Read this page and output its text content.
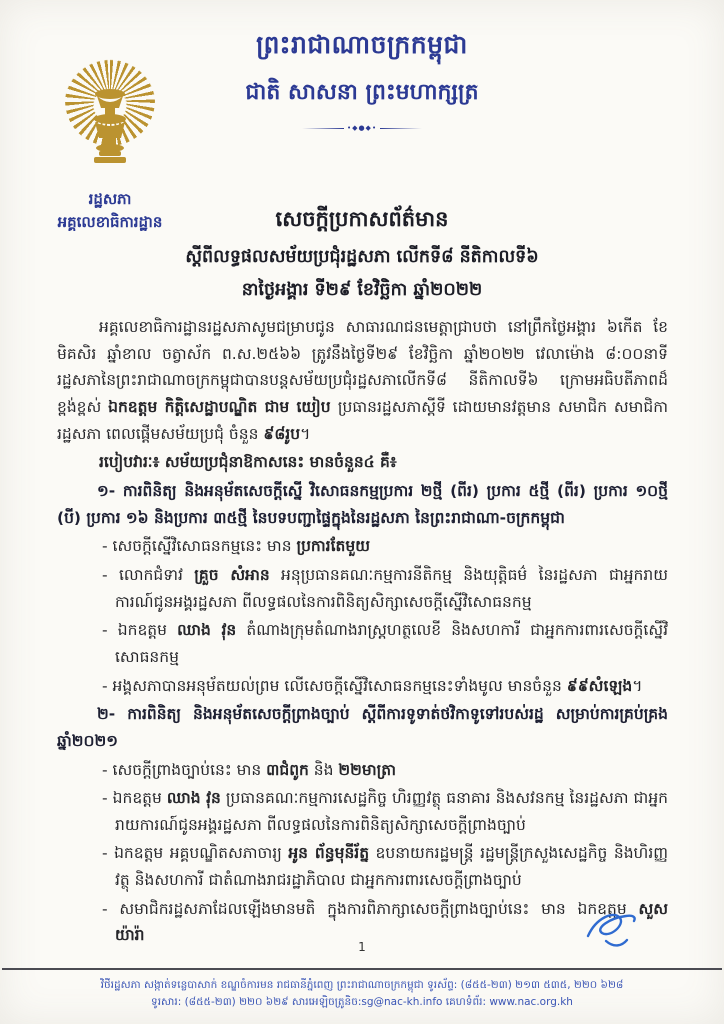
ព្រះរាជាណាចក្រកម្ពុជា
ជាតិ សាសនា ព្រះមហាក្សត្រ
•◆●◆•
រដ្ឋសភា
អគ្គលេខាធិការដ្ឋាន	សេចក្តីប្រកាសព័ត៌មាន
ស្តីពីលទ្ធផលសម័យប្រជុំរដ្ឋសភា លើកទី៨ នីតិកាលទី៦
នាថ្ងៃអង្គារ ទី២៩ ខែវិច្ឆិកា ឆ្នាំ២០២២

អគ្គលេខាធិការដ្ឋានរដ្ឋសភាសូមជម្រាបជូន សាធារណជនមេត្តាជ្រាបថា នៅព្រឹកថ្ងៃអង្គារ ៦កើត ខែមិគសិរ ឆ្នាំខាល ចត្វាស័ក ព.ស.២៥៦៦ ត្រូវនឹងថ្ងៃទី២៩ ខែវិច្ឆិកា ឆ្នាំ២០២២ វេលាម៉ោង ៨:០០នាទី រដ្ឋសភានៃព្រះរាជាណាចក្រកម្ពុជាបានបន្តសម័យប្រជុំរដ្ឋសភាលើកទី៨ នីតិកាលទី៦ ក្រោមអធិបតីភាពដ៏ខ្ពង់ខ្ពស់ ឯកឧត្តម កិត្តិសេដ្ឋាបណ្ឌិត ជាម យៀប ប្រធានរដ្ឋសភាស្តីទី ដោយមានវត្តមាន សមាជិក សមាជិការដ្ឋសភា ពេលផ្តើមសម័យប្រជុំ ចំនួន ៩៨រូប។

របៀបវារៈ៖ សម័យប្រជុំនាឱកាសនេះ មានចំនួន៤ គឺ៖

១- ការពិនិត្យ និងអនុម័តសេចក្តីស្នើ វិសោធនកម្មប្រការ ២ថ្មី (ពីរ) ប្រការ ៥ថ្មី (ពីរ) ប្រការ ១០ថ្មី (បី) ប្រការ ១៦ និងប្រការ ៣៥ថ្មី នៃបទបញ្ជាផ្ទៃក្នុងនៃរដ្ឋសភា នៃព្រះរាជាណា-ចក្រកម្ពុជា

- សេចក្តីស្នើវិសោធនកម្មនេះ មាន ប្រការតែមួយ
- លោកជំទាវ គ្រួច សំអាន អនុប្រធានគណៈកម្មការនីតិកម្ម និងយុត្តិធម៌ នៃរដ្ឋសភា ជាអ្នករាយការណ៍ជូនអង្គរដ្ឋសភា ពីលទ្ធផលនៃការពិនិត្យសិក្សាសេចក្តីស្នើវិសោធនកម្ម
- ឯកឧត្តម ឈាង វុន តំណាងក្រុមតំណាងរាស្ត្រហត្ថលេខី និងសហការី ជាអ្នកការពារសេចក្តីស្នើវិសោធនកម្ម
- អង្គសភាបានអនុម័តយល់ព្រម លើសេចក្តីស្នើវិសោធនកម្មនេះទាំងមូល មានចំនួន ៩៩សំឡេង។

២- ការពិនិត្យ និងអនុម័តសេចក្តីព្រាងច្បាប់ ស្តីពីការទូទាត់ថវិកាទូទៅរបស់រដ្ឋ សម្រាប់ការគ្រប់គ្រងឆ្នាំ២០២១

- សេចក្តីព្រាងច្បាប់នេះ មាន ៣ជំពូក និង ២២មាត្រា
- ឯកឧត្តម ឈាង វុន ប្រធានគណៈកម្មការសេដ្ឋកិច្ច ហិរញ្ញវត្ថុ ធនាគារ និងសវនកម្ម នៃរដ្ឋសភា ជាអ្នករាយការណ៍ជូនអង្គរដ្ឋសភា ពីលទ្ធផលនៃការពិនិត្យសិក្សាសេចក្តីព្រាងច្បាប់
- ឯកឧត្តម អគ្គបណ្ឌិតសភាចារ្យ អូន ព័ន្ធមុនីរ័ត្ន ឧបនាយករដ្ឋមន្ត្រី រដ្ឋមន្ត្រីក្រសួងសេដ្ឋកិច្ច និងហិរញ្ញវត្ថុ និងសហការី ជាតំណាងរាជរដ្ឋាភិបាល ជាអ្នកការពារសេចក្តីព្រាងច្បាប់
- សមាជិករដ្ឋសភាដែលឡើងមានមតិ ក្នុងការពិភាក្សាសេចក្តីព្រាងច្បាប់នេះ មាន ឯកឧត្តម សួស យ៉ារ៉ា
1
វិថីរដ្ឋសភា សង្កាត់ទន្លេបាសាក់ ខណ្ឌចំការមន រាជធានីភ្នំពេញ ព្រះរាជាណាចក្រកម្ពុជា ទូរស័ព្ទ: (៨៥៥-២៣) ២១៣ ៥៣៥, ២២០ ៦២៨
ទូរសារ: (៨៥៥-២៣) ២២០ ៦២៩ សារអេឡិចត្រូនិច:sg@nac-kh.info គេហទំព័រ: www.nac.org.kh
